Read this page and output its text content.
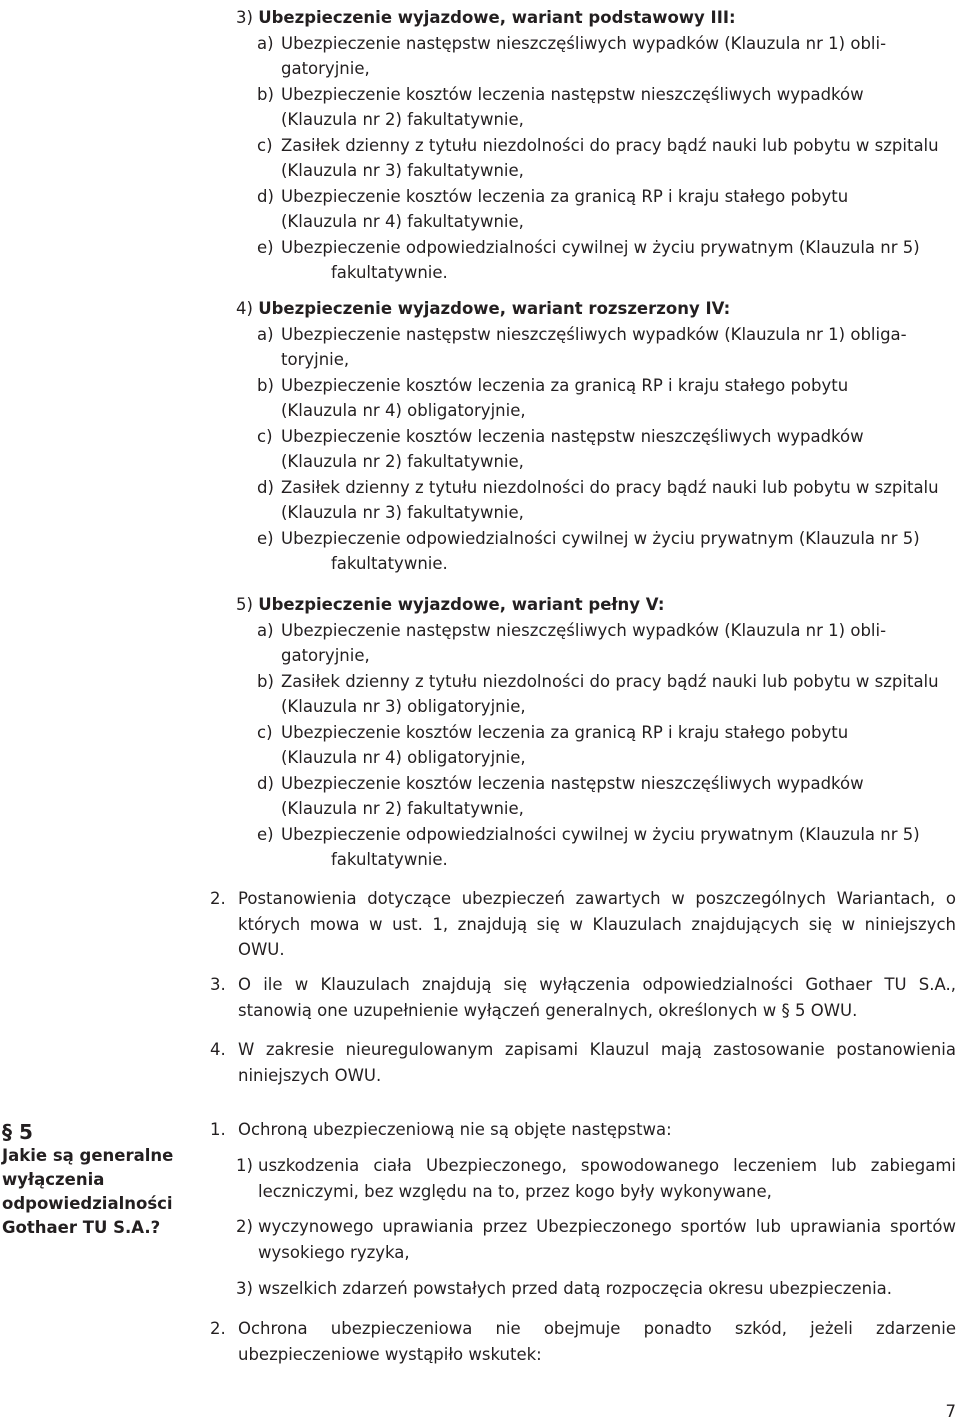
3) Ubezpieczenie wyjazdowe, wariant podstawowy III:
a) Ubezpieczenie następstw nieszczęśliwych wypadków (Klauzula nr 1) obli-
gatoryjnie,
b) Ubezpieczenie kosztów leczenia następstw nieszczęśliwych wypadków
(Klauzula nr 2) fakultatywnie,
c) Zasiłek dzienny z tytułu niezdolności do pracy bądź nauki lub pobytu w szpitalu
(Klauzula nr 3) fakultatywnie,
d) Ubezpieczenie kosztów leczenia za granicą RP i kraju stałego pobytu
(Klauzula nr 4) fakultatywnie,
e) Ubezpieczenie odpowiedzialności cywilnej w życiu prywatnym (Klauzula nr 5)
fakultatywnie.
4) Ubezpieczenie wyjazdowe, wariant rozszerzony IV:
a) Ubezpieczenie następstw nieszczęśliwych wypadków (Klauzula nr 1) obliga-
toryjnie,
b) Ubezpieczenie kosztów leczenia za granicą RP i kraju stałego pobytu
(Klauzula nr 4) obligatoryjnie,
c) Ubezpieczenie kosztów leczenia następstw nieszczęśliwych wypadków
(Klauzula nr 2) fakultatywnie,
d) Zasiłek dzienny z tytułu niezdolności do pracy bądź nauki lub pobytu w szpitalu
(Klauzula nr 3) fakultatywnie,
e) Ubezpieczenie odpowiedzialności cywilnej w życiu prywatnym (Klauzula nr 5)
fakultatywnie.
5) Ubezpieczenie wyjazdowe, wariant pełny V:
a) Ubezpieczenie następstw nieszczęśliwych wypadków (Klauzula nr 1) obli-
gatoryjnie,
b) Zasiłek dzienny z tytułu niezdolności do pracy bądź nauki lub pobytu w szpitalu
(Klauzula nr 3) obligatoryjnie,
c) Ubezpieczenie kosztów leczenia za granicą RP i kraju stałego pobytu
(Klauzula nr 4) obligatoryjnie,
d) Ubezpieczenie kosztów leczenia następstw nieszczęśliwych wypadków
(Klauzula nr 2) fakultatywnie,
e) Ubezpieczenie odpowiedzialności cywilnej w życiu prywatnym (Klauzula nr 5)
fakultatywnie.
2. Postanowienia dotyczące ubezpieczeń zawartych w poszczególnych Wariantach, o których mowa w ust. 1, znajdują się w Klauzulach znajdujących się w niniejszych OWU.
3. O ile w Klauzulach znajdują się wyłączenia odpowiedzialności Gothaer TU S.A., stanowią one uzupełnienie wyłączeń generalnych, określonych w § 5 OWU.
4. W zakresie nieuregulowanym zapisami Klauzul mają zastosowanie postanowienia niniejszych OWU.
1. Ochroną ubezpieczeniową nie są objęte następstwa:
1) uszkodzenia ciała Ubezpieczonego, spowodowanego leczeniem lub zabiegami leczniczymi, bez względu na to, przez kogo były wykonywane,
2) wyczynowego uprawiania przez Ubezpieczonego sportów lub uprawiania sportów wysokiego ryzyka,
3) wszelkich zdarzeń powstałych przed datą rozpoczęcia okresu ubezpieczenia.
2. Ochrona ubezpieczeniowa nie obejmuje ponadto szkód, jeżeli zdarzenie ubezpieczeniowe wystąpiło wskutek:
§ 5
Jakie są generalne
wyłączenia
odpowiedzialności
Gothaer TU S.A.?
7
